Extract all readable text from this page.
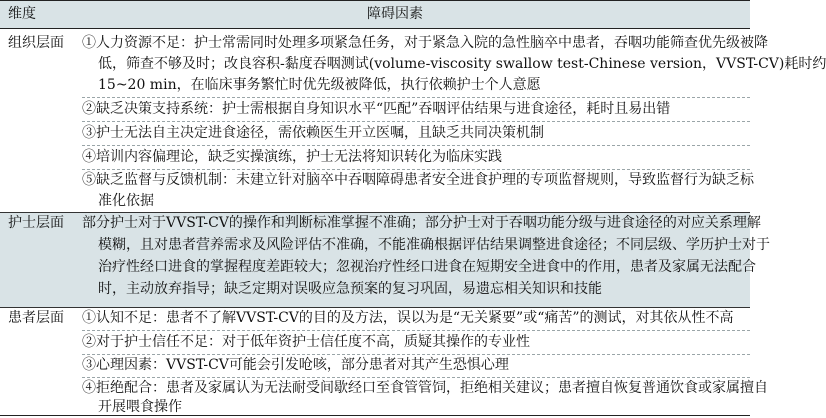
维度	障碍因素
组织层面 ①人力资源不足：护士常需同时处理多项紧急任务，对于紧急入院的急性脑卒中患者，吞咽功能筛查优先级被降
低，筛查不够及时；改良容积-黏度吞咽测试(volume-viscosity swallow test-Chinese version，VVST-CV)耗时约
15~20 min，在临床事务繁忙时优先级被降低，执行依赖护士个人意愿
②缺乏决策支持系统：护士需根据自身知识水平“匹配”吞咽评估结果与进食途径，耗时且易出错
③护士无法自主决定进食途径，需依赖医生开立医嘱，且缺乏共同决策机制
④培训内容偏理论，缺乏实操演练，护士无法将知识转化为临床实践
⑤缺乏监督与反馈机制：未建立针对脑卒中吞咽障碍患者安全进食护理的专项监督规则，导致监督行为缺乏标
准化依据
护士层面 部分护士对于VVST-CV的操作和判断标准掌握不准确；部分护士对于吞咽功能分级与进食途径的对应关系理解
模糊，且对患者营养需求及风险评估不准确，不能准确根据评估结果调整进食途径；不同层级、学历护士对于
治疗性经口进食的掌握程度差距较大；忽视治疗性经口进食在短期安全进食中的作用，患者及家属无法配合
时，主动放弃指导；缺乏定期对误吸应急预案的复习巩固，易遗忘相关知识和技能
患者层面 ①认知不足：患者不了解VVST-CV的目的及方法，误以为是“无关紧要”或“痛苦”的测试，对其依从性不高
②对于护士信任不足：对于低年资护士信任度不高，质疑其操作的专业性
③心理因素：VVST-CV可能会引发呛咳，部分患者对其产生恐惧心理
④拒绝配合：患者及家属认为无法耐受间歇经口至食管管饲，拒绝相关建议；患者擅自恢复普通饮食或家属擅自
开展喂食操作
